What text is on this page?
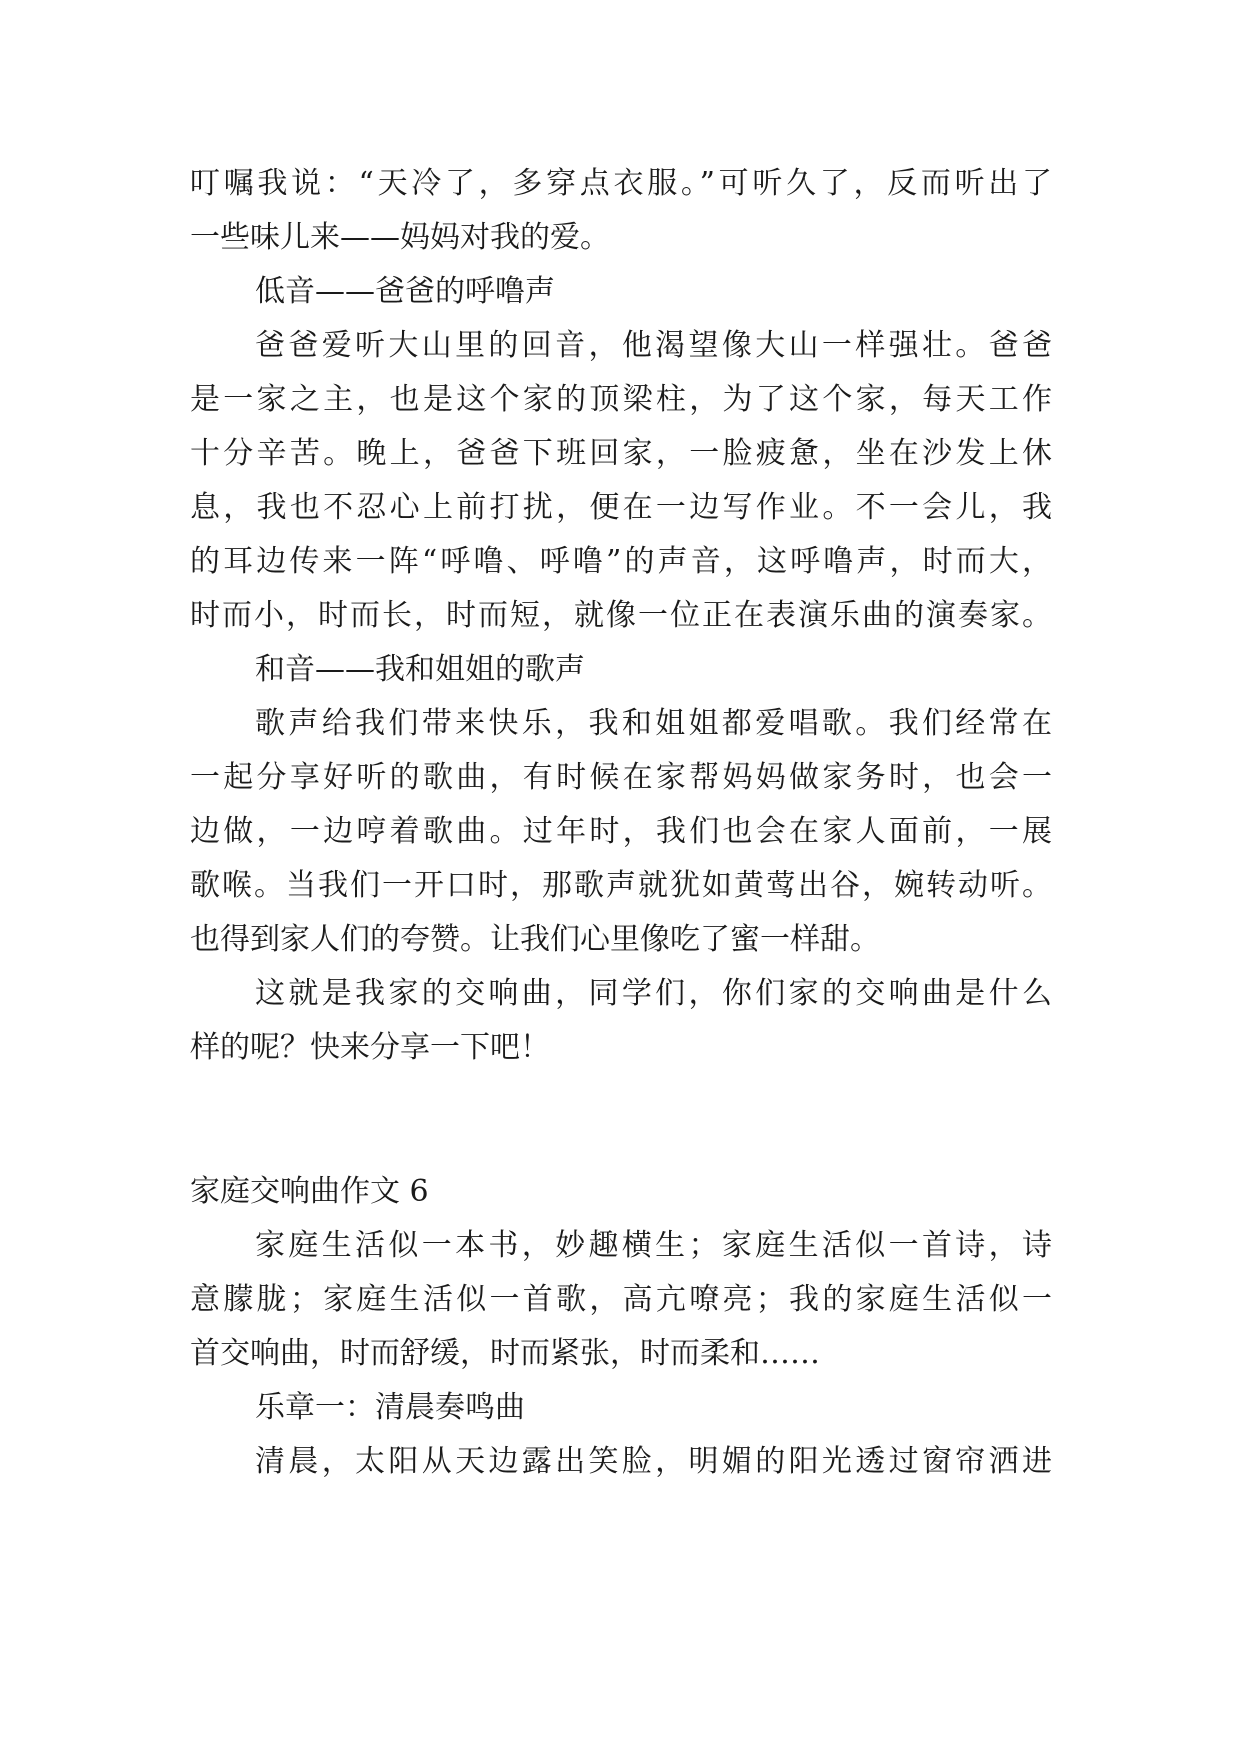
叮嘱我说：“天冷了，多穿点衣服。”可听久了，反而听出了
一些味儿来——妈妈对我的爱。
低音——爸爸的呼噜声
爸爸爱听大山里的回音，他渴望像大山一样强壮。爸爸
是一家之主，也是这个家的顶梁柱，为了这个家，每天工作
十分辛苦。晚上，爸爸下班回家，一脸疲惫，坐在沙发上休
息，我也不忍心上前打扰，便在一边写作业。不一会儿，我
的耳边传来一阵“呼噜、呼噜”的声音，这呼噜声，时而大，
时而小，时而长，时而短，就像一位正在表演乐曲的演奏家。
和音——我和姐姐的歌声
歌声给我们带来快乐，我和姐姐都爱唱歌。我们经常在
一起分享好听的歌曲，有时候在家帮妈妈做家务时，也会一
边做，一边哼着歌曲。过年时，我们也会在家人面前，一展
歌喉。当我们一开口时，那歌声就犹如黄莺出谷，婉转动听。
也得到家人们的夸赞。让我们心里像吃了蜜一样甜。
这就是我家的交响曲，同学们，你们家的交响曲是什么
样的呢？快来分享一下吧！
家庭交响曲作文 6
家庭生活似一本书，妙趣横生；家庭生活似一首诗，诗
意朦胧；家庭生活似一首歌，高亢嘹亮；我的家庭生活似一
首交响曲，时而舒缓，时而紧张，时而柔和……
乐章一：清晨奏鸣曲
清晨，太阳从天边露出笑脸，明媚的阳光透过窗帘洒进
